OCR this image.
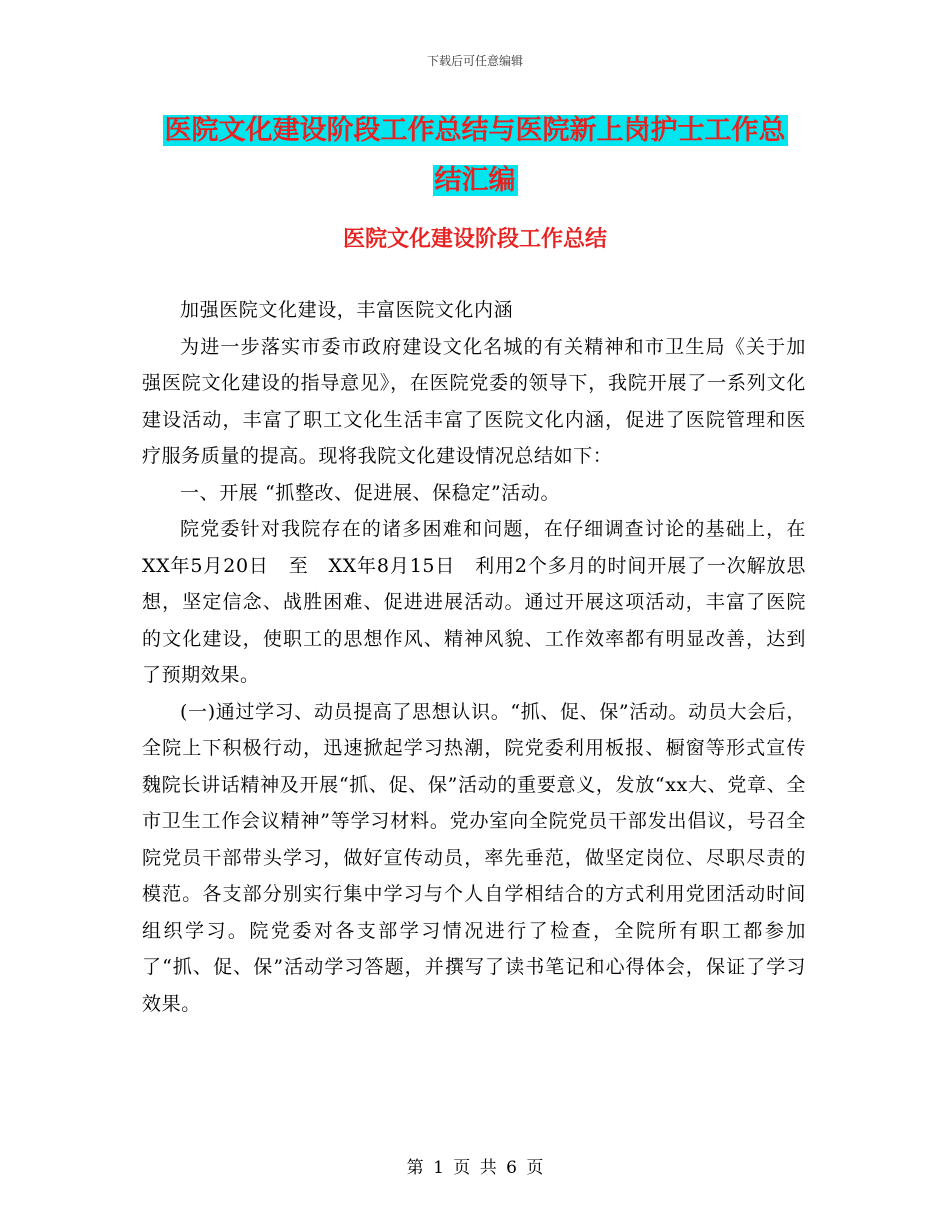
下载后可任意编辑
医院文化建设阶段工作总结与医院新上岗护士工作总
结汇编
医院文化建设阶段工作总结

加强医院文化建设，丰富医院文化内涵

为进一步落实市委市政府建设文化名城的有关精神和市卫生局《关于加强医院文化建设的指导意见》，在医院党委的领导下，我院开展了一系列文化建设活动，丰富了职工文化生活丰富了医院文化内涵，促进了医院管理和医疗服务质量的提高。现将我院文化建设情况总结如下：

一、开展 “抓整改、促进展、保稳定”活动。

院党委针对我院存在的诸多困难和问题，在仔细调查讨论的基础上，在　XX年5月20日　至　XX年8月15日　利用2个多月的时间开展了一次解放思想，坚定信念、战胜困难、促进进展活动。通过开展这项活动，丰富了医院的文化建设，使职工的思想作风、精神风貌、工作效率都有明显改善，达到了预期效果。

(一)通过学习、动员提高了思想认识。“抓、促、保”活动。动员大会后，全院上下积极行动，迅速掀起学习热潮，院党委利用板报、橱窗等形式宣传魏院长讲话精神及开展“抓、促、保”活动的重要意义，发放“xx大、党章、全市卫生工作会议精神”等学习材料。党办室向全院党员干部发出倡议，号召全院党员干部带头学习，做好宣传动员，率先垂范，做坚定岗位、尽职尽责的模范。各支部分别实行集中学习与个人自学相结合的方式利用党团活动时间组织学习。院党委对各支部学习情况进行了检查，全院所有职工都参加了“抓、促、保”活动学习答题，并撰写了读书笔记和心得体会，保证了学习效果。

第 1 页 共 6 页
